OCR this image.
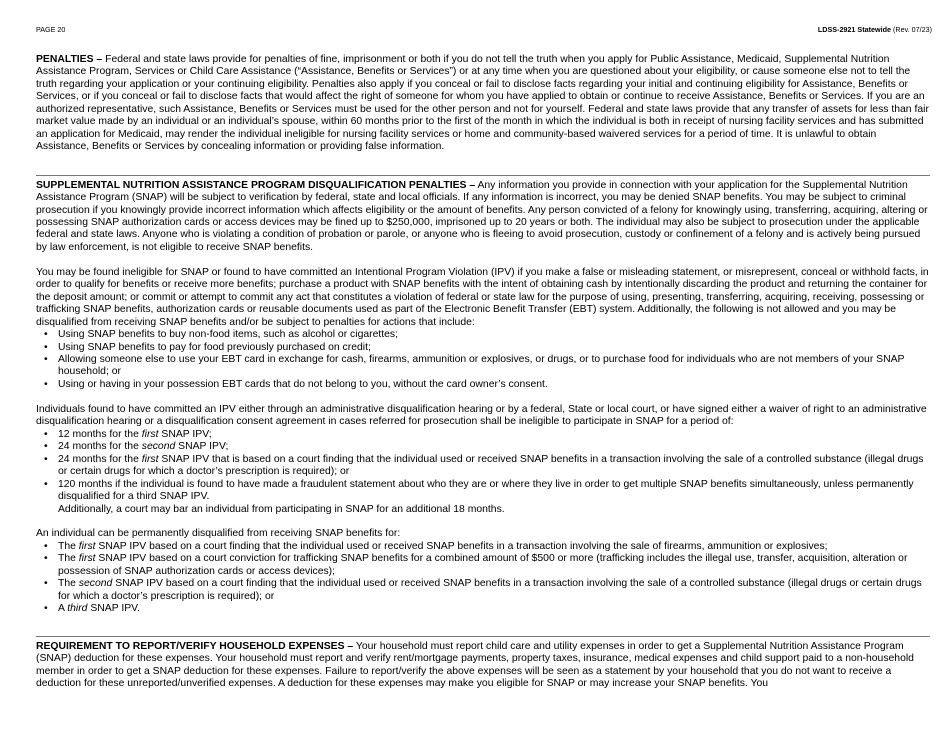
PAGE 20	LDSS-2921 Statewide (Rev. 07/23)

PENALTIES – Federal and state laws provide for penalties of fine, imprisonment or both if you do not tell the truth when you apply for Public Assistance, Medicaid, Supplemental Nutrition Assistance Program, Services or Child Care Assistance (“Assistance, Benefits or Services”) or at any time when you are questioned about your eligibility, or cause someone else not to tell the truth regarding your application or your continuing eligibility. Penalties also apply if you conceal or fail to disclose facts regarding your initial and continuing eligibility for Assistance, Benefits or Services, or if you conceal or fail to disclose facts that would affect the right of someone for whom you have applied to obtain or continue to receive Assistance, Benefits or Services. If you are an authorized representative, such Assistance, Benefits or Services must be used for the other person and not for yourself. Federal and state laws provide that any transfer of assets for less than fair market value made by an individual or an individual’s spouse, within 60 months prior to the first of the month in which the individual is both in receipt of nursing facility services and has submitted an application for Medicaid, may render the individual ineligible for nursing facility services or home and community-based waivered services for a period of time. It is unlawful to obtain Assistance, Benefits or Services by concealing information or providing false information.

SUPPLEMENTAL NUTRITION ASSISTANCE PROGRAM DISQUALIFICATION PENALTIES – Any information you provide in connection with your application for the Supplemental Nutrition Assistance Program (SNAP) will be subject to verification by federal, state and local officials. If any information is incorrect, you may be denied SNAP benefits. You may be subject to criminal prosecution if you knowingly provide incorrect information which affects eligibility or the amount of benefits. Any person convicted of a felony for knowingly using, transferring, acquiring, altering or possessing SNAP authorization cards or access devices may be fined up to $250,000, imprisoned up to 20 years or both. The individual may also be subject to prosecution under the applicable federal and state laws. Anyone who is violating a condition of probation or parole, or anyone who is fleeing to avoid prosecution, custody or confinement of a felony and is actively being pursued by law enforcement, is not eligible to receive SNAP benefits.

You may be found ineligible for SNAP or found to have committed an Intentional Program Violation (IPV) if you make a false or misleading statement, or misrepresent, conceal or withhold facts, in order to qualify for benefits or receive more benefits; purchase a product with SNAP benefits with the intent of obtaining cash by intentionally discarding the product and returning the container for the deposit amount; or commit or attempt to commit any act that constitutes a violation of federal or state law for the purpose of using, presenting, transferring, acquiring, receiving, possessing or trafficking SNAP benefits, authorization cards or reusable documents used as part of the Electronic Benefit Transfer (EBT) system. Additionally, the following is not allowed and you may be disqualified from receiving SNAP benefits and/or be subject to penalties for actions that include:

• Using SNAP benefits to buy non-food items, such as alcohol or cigarettes;
• Using SNAP benefits to pay for food previously purchased on credit;
• Allowing someone else to use your EBT card in exchange for cash, firearms, ammunition or explosives, or drugs, or to purchase food for individuals who are not members of your SNAP household; or
• Using or having in your possession EBT cards that do not belong to you, without the card owner’s consent.

Individuals found to have committed an IPV either through an administrative disqualification hearing or by a federal, State or local court, or have signed either a waiver of right to an administrative disqualification hearing or a disqualification consent agreement in cases referred for prosecution shall be ineligible to participate in SNAP for a period of:

• 12 months for the first SNAP IPV;
• 24 months for the second SNAP IPV;
• 24 months for the first SNAP IPV that is based on a court finding that the individual used or received SNAP benefits in a transaction involving the sale of a controlled substance (illegal drugs or certain drugs for which a doctor’s prescription is required); or
• 120 months if the individual is found to have made a fraudulent statement about who they are or where they live in order to get multiple SNAP benefits simultaneously, unless permanently disqualified for a third SNAP IPV.

Additionally, a court may bar an individual from participating in SNAP for an additional 18 months.

An individual can be permanently disqualified from receiving SNAP benefits for:

• The first SNAP IPV based on a court finding that the individual used or received SNAP benefits in a transaction involving the sale of firearms, ammunition or explosives;
• The first SNAP IPV based on a court conviction for trafficking SNAP benefits for a combined amount of $500 or more (trafficking includes the illegal use, transfer, acquisition, alteration or possession of SNAP authorization cards or access devices);
• The second SNAP IPV based on a court finding that the individual used or received SNAP benefits in a transaction involving the sale of a controlled substance (illegal drugs or certain drugs for which a doctor’s prescription is required); or
• A third SNAP IPV.

REQUIREMENT TO REPORT/VERIFY HOUSEHOLD EXPENSES – Your household must report child care and utility expenses in order to get a Supplemental Nutrition Assistance Program (SNAP) deduction for these expenses. Your household must report and verify rent/mortgage payments, property taxes, insurance, medical expenses and child support paid to a non-household member in order to get a SNAP deduction for these expenses. Failure to report/verify the above expenses will be seen as a statement by your household that you do not want to receive a deduction for these unreported/unverified expenses. A deduction for these expenses may make you eligible for SNAP or may increase your SNAP benefits. You
